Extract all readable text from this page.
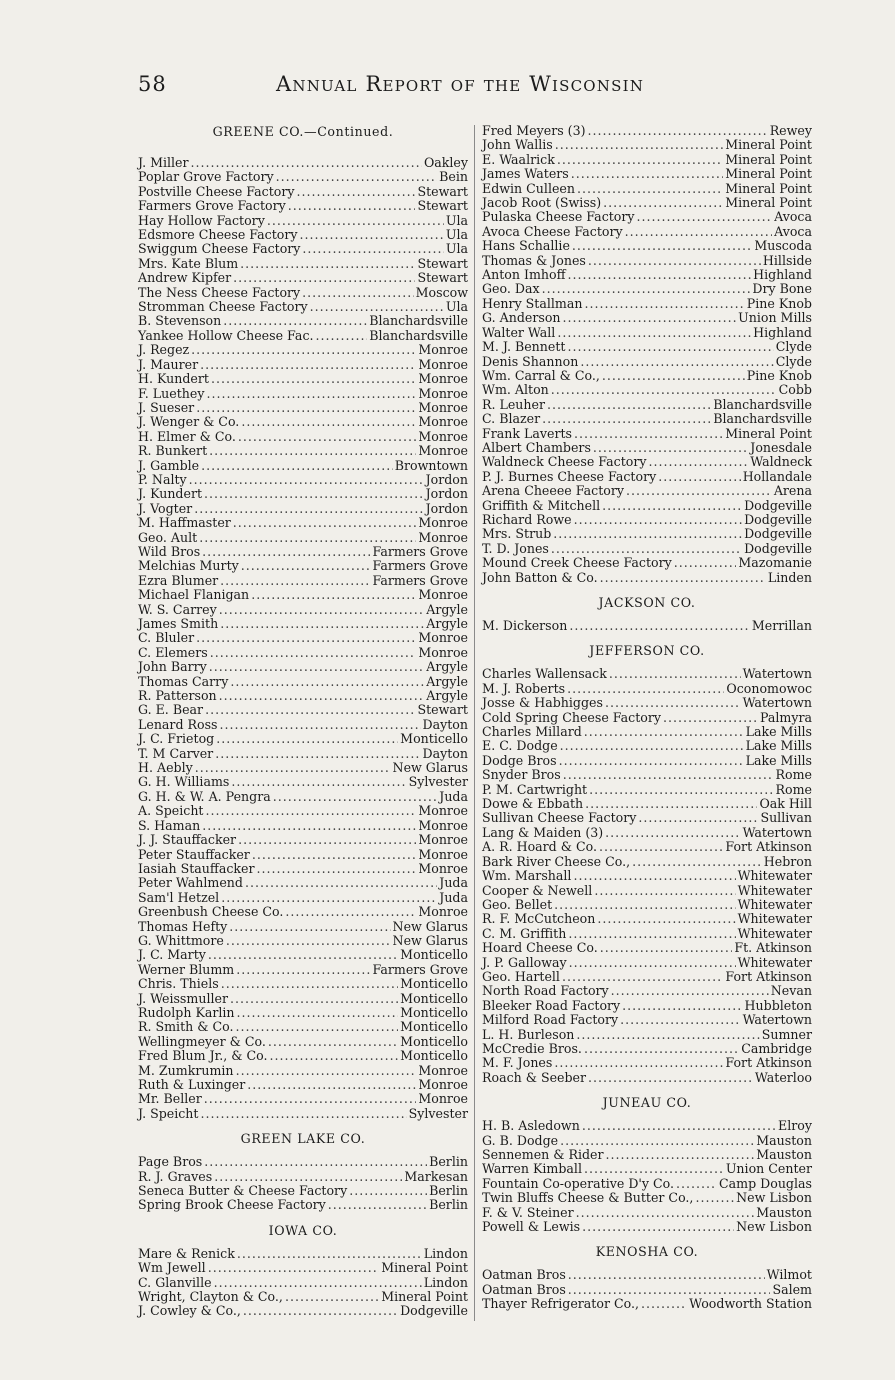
58	Annual Report of the Wisconsin
GREENE CO.—Continued.
J. Miller .....	Oakley
Poplar Grove Factory .....	Bein
Postville Cheese Factory .....	Stewart
Farmers Grove Factory .....	Stewart
Hay Hollow Factory .....	Ula
Edsmore Cheese Factory .....	Ula
Swiggum Cheese Factory .....	Ula
Mrs. Kate Blum .....	Stewart
Andrew Kipfer .....	Stewart
The Ness Cheese Factory .....	Moscow
Stromman Cheese Factory .....	Ula
B. Stevenson .....	Blanchardsville
Yankee Hollow Cheese Fac. .....	Blanchardsville
J. Regez .....	Monroe
J. Maurer .....	Monroe
H. Kundert .....	Monroe
F. Luethey .....	Monroe
J. Sueser .....	Monroe
J. Wenger & Co. .....	Monroe
H. Elmer & Co. .....	Monroe
R. Bunkert .....	Monroe
J. Gamble .....	Browntown
P. Nalty .....	Jordon
J. Kundert .....	Jordon
J. Vogter .....	Jordon
M. Haffmaster .....	Monroe
Geo. Ault .....	Monroe
Wild Bros .....	Farmers Grove
Melchias Murty .....	Farmers Grove
Ezra Blumer .....	Farmers Grove
Michael Flanigan .....	Monroe
W. S. Carrey .....	Argyle
James Smith .....	Argyle
C. Bluler .....	Monroe
C. Elemers .....	Monroe
John Barry .....	Argyle
Thomas Carry .....	Argyle
R. Patterson .....	Argyle
G. E. Bear .....	Stewart
Lenard Ross .....	Dayton
J. C. Frietog .....	Monticello
T. M Carver .....	Dayton
H. Aebly .....	New Glarus
G. H. Williams .....	Sylvester
G. H. & W. A. Pengra .....	Juda
A. Speicht .....	Monroe
S. Haman .....	Monroe
J. J. Stauffacker .....	Monroe
Peter Stauffacker .....	Monroe
Iasiah Stauffacker .....	Monroe
Peter Wahlmend .....	Juda
Sam'l Hetzel .....	Juda
Greenbush Cheese Co. .....	Monroe
Thomas Hefty .....	New Glarus
G. Whittmore .....	New Glarus
J. C. Marty .....	Monticello
Werner Blumm .....	Farmers Grove
Chris. Thiels .....	Monticello
J. Weissmuller .....	Monticello
Rudolph Karlin .....	Monticello
R. Smith & Co. .....	Monticello
Wellingmeyer & Co. .....	Monticello
Fred Blum Jr., & Co. .....	Monticello
M. Zumkrumin .....	Monroe
Ruth & Luxinger .....	Monroe
Mr. Beller .....	Monroe
J. Speicht .....	Sylvester
GREEN LAKE CO.
Page Bros .....	Berlin
R. J. Graves .....	Markesan
Seneca Butter & Cheese Factory .....	Berlin
Spring Brook Cheese Factory .....	Berlin
IOWA CO.
Mare & Renick .....	Lindon
Wm Jewell .....	Mineral Point
C. Glanville .....	Lindon
Wright, Clayton & Co., .....	Mineral Point
J. Cowley & Co., .....	Dodgeville
Fred Meyers (3) .....	Rewey
John Wallis .....	Mineral Point
E. Waalrick .....	Mineral Point
James Waters .....	Mineral Point
Edwin Culleen .....	Mineral Point
Jacob Root (Swiss) .....	Mineral Point
Pulaska Cheese Factory .....	Avoca
Avoca Cheese Factory .....	Avoca
Hans Schallie .....	Muscoda
Thomas & Jones .....	Hillside
Anton Imhoff .....	Highland
Geo. Dax .....	Dry Bone
Henry Stallman .....	Pine Knob
G. Anderson .....	Union Mills
Walter Wall .....	Highland
M. J. Bennett .....	Clyde
Denis Shannon .....	Clyde
Wm. Carral & Co., .....	Pine Knob
Wm. Alton .....	Cobb
R. Leuher .....	Blanchardsville
C. Blazer .....	Blanchardsville
Frank Laverts .....	Mineral Point
Albert Chambers .....	Jonesdale
Waldneck Cheese Factory .....	Waldneck
P. J. Burnes Cheese Factory .....	Hollandale
Arena Cheeee Factory .....	Arena
Griffith & Mitchell .....	Dodgeville
Richard Rowe .....	Dodgeville
Mrs. Strub .....	Dodgeville
T. D. Jones .....	Dodgeville
Mound Creek Cheese Factory .....	Mazomanie
John Batton & Co. .....	Linden
JACKSON CO.
M. Dickerson .....	Merrillan
JEFFERSON CO.
Charles Wallensack .....	Watertown
M. J. Roberts .....	Oconomowoc
Josse & Habhigges .....	Watertown
Cold Spring Cheese Factory .....	Palmyra
Charles Millard .....	Lake Mills
E. C. Dodge .....	Lake Mills
Dodge Bros .....	Lake Mills
Snyder Bros .....	Rome
P. M. Cartwright .....	Rome
Dowe & Ebbath .....	Oak Hill
Sullivan Cheese Factory .....	Sullivan
Lang & Maiden (3) .....	Watertown
A. R. Hoard & Co. .....	Fort Atkinson
Bark River Cheese Co., .....	Hebron
Wm. Marshall .....	Whitewater
Cooper & Newell .....	Whitewater
Geo. Bellet .....	Whitewater
R. F. McCutcheon .....	Whitewater
C. M. Griffith .....	Whitewater
Hoard Cheese Co. .....	Ft. Atkinson
J. P. Galloway .....	Whitewater
Geo. Hartell .....	Fort Atkinson
North Road Factory .....	Nevan
Bleeker Road Factory .....	Hubbleton
Milford Road Factory .....	Watertown
L. H. Burleson .....	Sumner
McCredie Bros. .....	Cambridge
M. F. Jones .....	Fort Atkinson
Roach & Seeber .....	Waterloo
JUNEAU CO.
H. B. Asledown .....	Elroy
G. B. Dodge .....	Mauston
Sennemen & Rider .....	Mauston
Warren Kimball .....	Union Center
Fountain Co-operative D'y Co. .....	Camp Douglas
Twin Bluffs Cheese & Butter Co., .....	New Lisbon
F. & V. Steiner .....	Mauston
Powell & Lewis .....	New Lisbon
KENOSHA CO.
Oatman Bros .....	Wilmot
Oatman Bros .....	Salem
Thayer Refrigerator Co., .....	Woodworth Station
